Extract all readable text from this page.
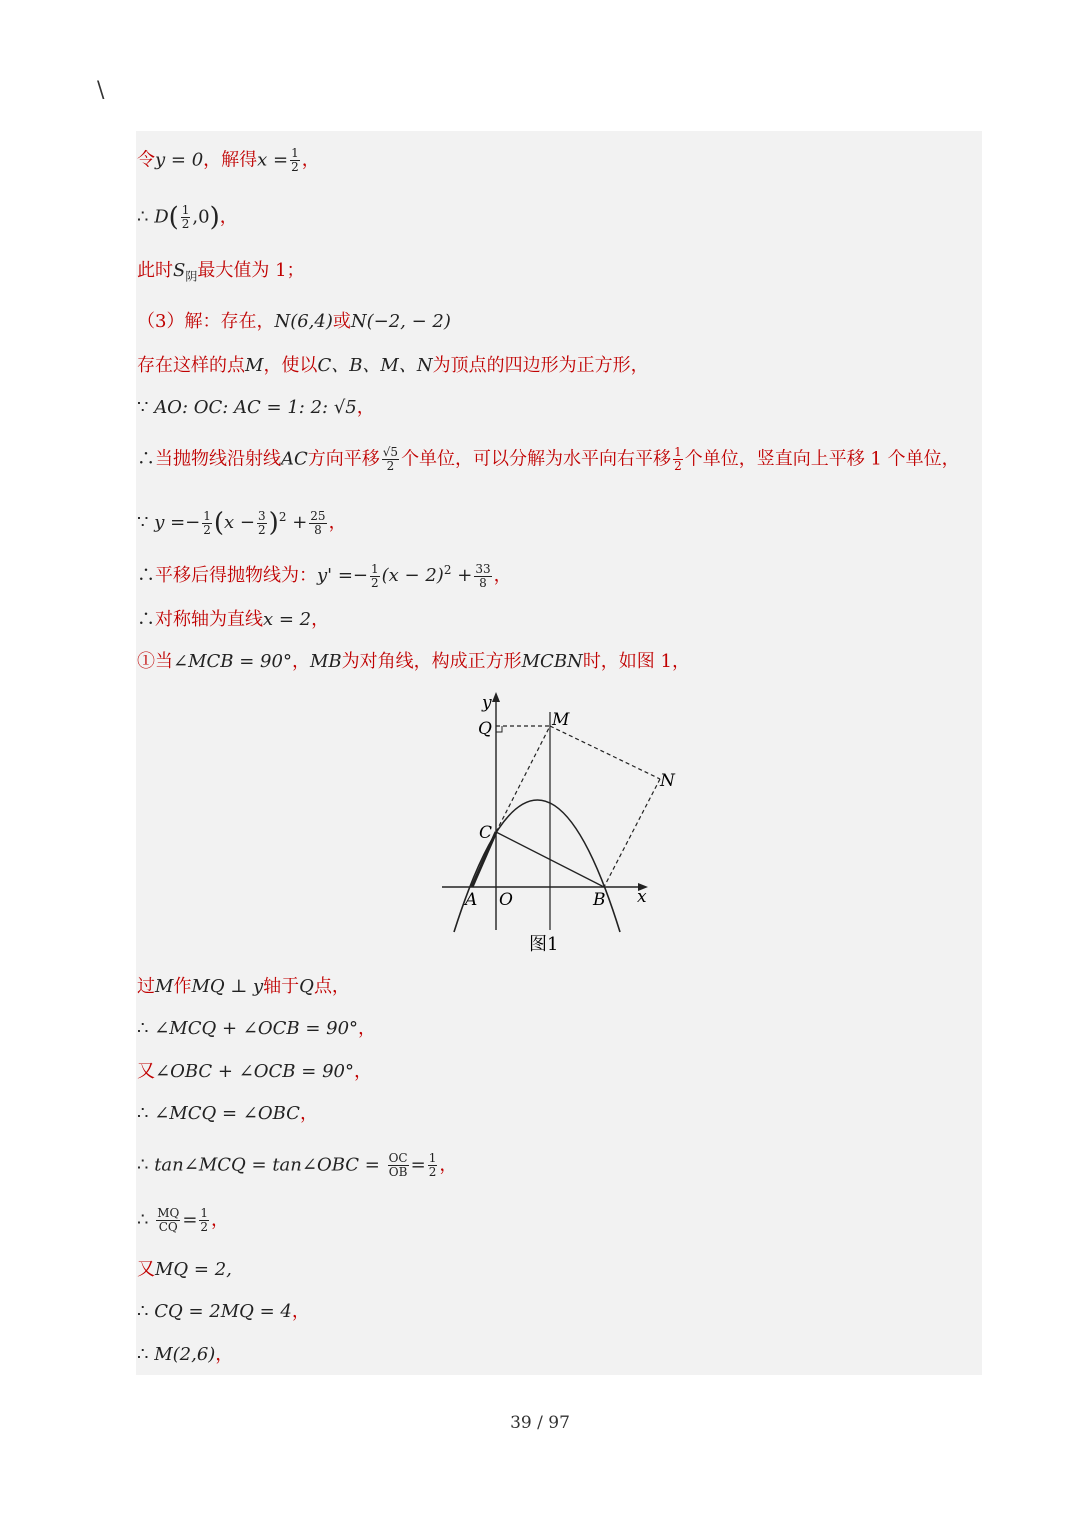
\
令y = 0，解得$x = \frac{1}{2}$ ，
∴ $D( \frac{1}{2} ,0)$，
此时$S_阴$最大值为 1；
（3）解：存在，N(6,4)或N(−2, − 2)
存在这样的点M，使以C、B、M、N为顶点的四边形为正方形，
∵ AO: OC: AC = 1: 2: √5，
∴当抛物线沿射线AC方向平移 $\frac{√5}{2}$ 个单位，可以分解为水平向右平移 $\frac{1}{2}$ 个单位，竖直向上平移 1 个单位，
∵ $y =- \frac{1}{2} (x - \frac{3}{2} )^2 + \frac{25}{8}$ ，
∴平移后得抛物线为：$y' =- \frac{1}{2} (x - 2)^2 + \frac{33}{8}$ ，
∴对称轴为直线x = 2，
①当∠MCB = 90°，MB为对角线，构成正方形MCBN时，如图 1，
y
x
Q	M
N
C
A O	B
图1
过M作MQ ⊥ y轴于Q点，
∴ ∠MCQ + ∠OCB = 90°，
又∠OBC + ∠OCB = 90°，
∴ ∠MCQ = ∠OBC，
∴ tan∠MCQ = tan∠OBC = $\frac{OC}{OB} = \frac{1}{2}$ ，
∴ $\frac{MQ}{CQ} = \frac{1}{2}$ ，
又MQ = 2,
∴ CQ = 2MQ = 4，
∴ M(2,6)，
39 / 97
